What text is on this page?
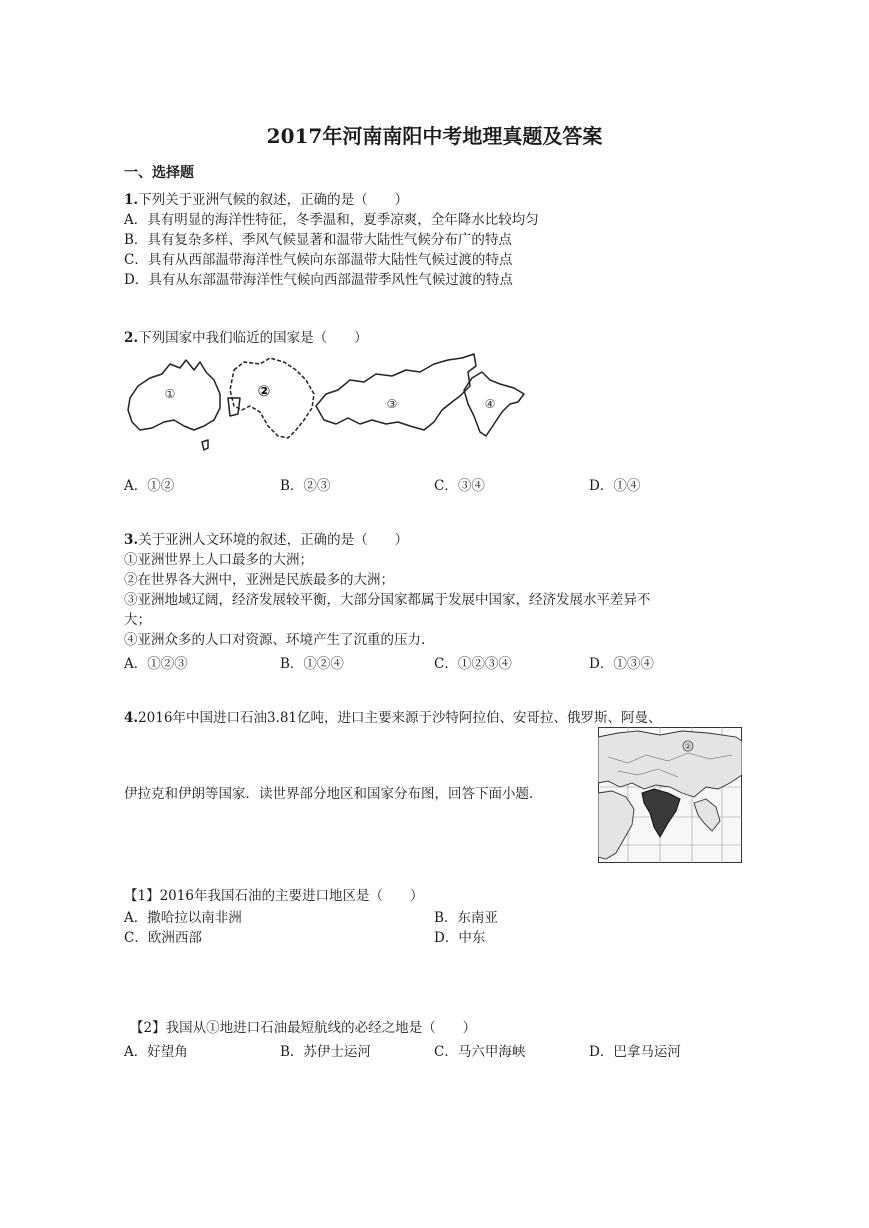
2017年河南南阳中考地理真题及答案
一、选择题
1.下列关于亚洲气候的叙述，正确的是（　　）
A．具有明显的海洋性特征，冬季温和，夏季凉爽，全年降水比较均匀
B．具有复杂多样、季风气候显著和温带大陆性气候分布广的特点
C．具有从西部温带海洋性气候向东部温带大陆性气候过渡的特点
D．具有从东部温带海洋性气候向西部温带季风性气候过渡的特点
2.下列国家中我们临近的国家是（　　）
①	②
③	④
A．①②	B．②③	C．③④	D．①④
3.关于亚洲人文环境的叙述，正确的是（　　）
①亚洲世界上人口最多的大洲；
②在世界各大洲中，亚洲是民族最多的大洲；
③亚洲地域辽阔，经济发展较平衡，大部分国家都属于发展中国家，经济发展水平差异不
大；
④亚洲众多的人口对资源、环境产生了沉重的压力.
A．①②③	B．①②④	C．①②③④	D．①③④
4.2016年中国进口石油3.81亿吨，进口主要来源于沙特阿拉伯、安哥拉、俄罗斯、阿曼、
伊拉克和伊朗等国家．读世界部分地区和国家分布图，回答下面小题．
②
【1】2016年我国石油的主要进口地区是（　　）
A．撒哈拉以南非洲	B．东南亚
C．欧洲西部	D．中东
【2】我国从①地进口石油最短航线的必经之地是（　　）
A．好望角	B．苏伊士运河	C．马六甲海峡	D．巴拿马运河
